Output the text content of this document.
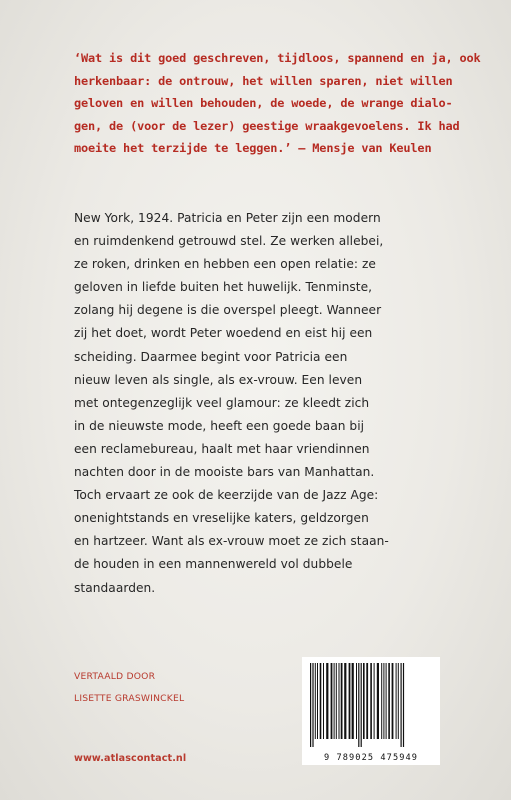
‘Wat is dit goed geschreven, tijdloos, spannend en ja, ook
herkenbaar: de ontrouw, het willen sparen, niet willen
geloven en willen behouden, de woede, de wrange dialo-
gen, de (voor de lezer) geestige wraakgevoelens. Ik had
moeite het terzijde te leggen.’ – Mensje van Keulen
New York, 1924. Patricia en Peter zijn een modern
en ruimdenkend getrouwd stel. Ze werken allebei,
ze roken, drinken en hebben een open relatie: ze
geloven in liefde buiten het huwelijk. Tenminste,
zolang hij degene is die overspel pleegt. Wanneer
zij het doet, wordt Peter woedend en eist hij een
scheiding. Daarmee begint voor Patricia een
nieuw leven als single, als ex-vrouw. Een leven
met ontegenzeglijk veel glamour: ze kleedt zich
in de nieuwste mode, heeft een goede baan bij
een reclamebureau, haalt met haar vriendinnen
nachten door in de mooiste bars van Manhattan.
Toch ervaart ze ook de keerzijde van de Jazz Age:
onenightstands en vreselijke katers, geldzorgen
en hartzeer. Want als ex-vrouw moet ze zich staan-
de houden in een mannenwereld vol dubbele
standaarden.
VERTAALD DOOR
LISETTE GRASWINCKEL
www.atlascontact.nl	9 789025 475949
